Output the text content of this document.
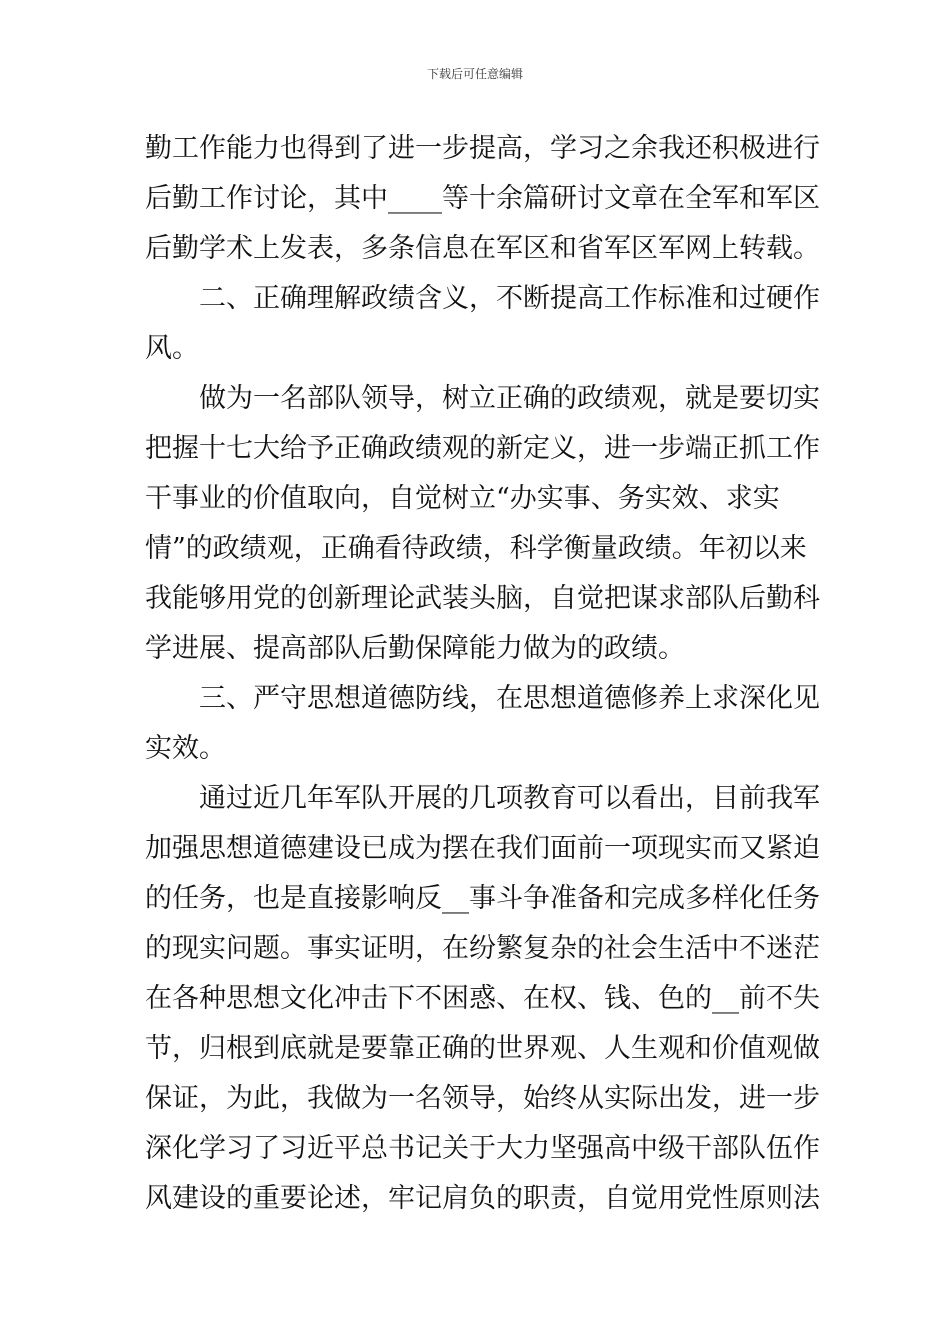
下载后可任意编辑
勤工作能力也得到了进一步提高，学习之余我还积极进行
后勤工作讨论，其中____等十余篇研讨文章在全军和军区
后勤学术上发表，多条信息在军区和省军区军网上转载。
　　二、正确理解政绩含义，不断提高工作标准和过硬作
风。
　　做为一名部队领导，树立正确的政绩观，就是要切实
把握十七大给予正确政绩观的新定义，进一步端正抓工作
干事业的价值取向，自觉树立“办实事、务实效、求实
情”的政绩观，正确看待政绩，科学衡量政绩。年初以来
我能够用党的创新理论武装头脑，自觉把谋求部队后勤科
学进展、提高部队后勤保障能力做为的政绩。
　　三、严守思想道德防线，在思想道德修养上求深化见
实效。
　　通过近几年军队开展的几项教育可以看出，目前我军
加强思想道德建设已成为摆在我们面前一项现实而又紧迫
的任务，也是直接影响反__事斗争准备和完成多样化任务
的现实问题。事实证明，在纷繁复杂的社会生活中不迷茫
在各种思想文化冲击下不困惑、在权、钱、色的__前不失
节，归根到底就是要靠正确的世界观、人生观和价值观做
保证，为此，我做为一名领导，始终从实际出发，进一步
深化学习了习近平总书记关于大力坚强高中级干部队伍作
风建设的重要论述，牢记肩负的职责，自觉用党性原则法
